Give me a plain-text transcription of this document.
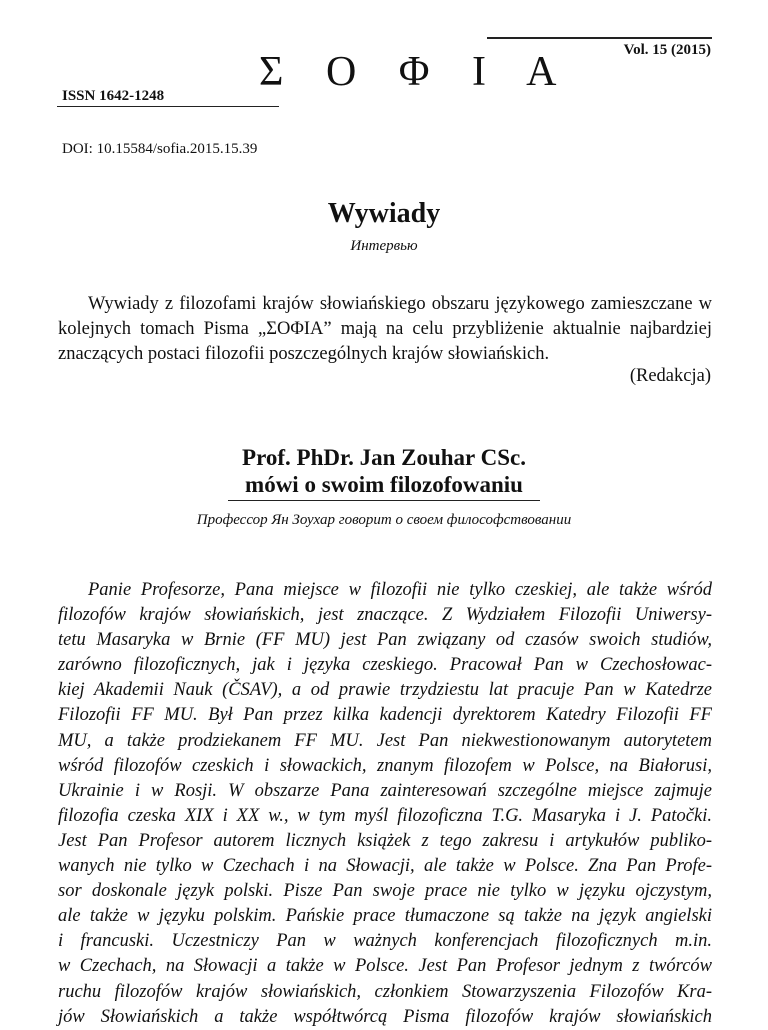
Vol. 15 (2015)
Σ Ο Φ Ι Α
ISSN 1642-1248
DOI: 10.15584/sofia.2015.15.39
Wywiady
Интервью

Wywiady z filozofami krajów słowiańskiego obszaru językowego zamieszczane w kolejnych tomach Pisma „ΣΟΦΙΑ” mają na celu przybliżenie aktualnie najbardziej znaczących postaci filozofii poszczególnych krajów słowiańskich.

(Redakcja)
Prof. PhDr. Jan Zouhar CSc.
mówi o swoim filozofowaniu
Профессор Ян Зоухар говорит о своем философствовании
Panie Profesorze, Pana miejsce w filozofii nie tylko czeskiej, ale także wśród
filozofów krajów słowiańskich, jest znaczące. Z Wydziałem Filozofii Uniwersy-
tetu Masaryka w Brnie (FF MU) jest Pan związany od czasów swoich studiów,
zarówno filozoficznych, jak i języka czeskiego. Pracował Pan w Czechosłowac-
kiej Akademii Nauk (ČSAV), a od prawie trzydziestu lat pracuje Pan w Katedrze
Filozofii FF MU. Był Pan przez kilka kadencji dyrektorem Katedry Filozofii FF
MU, a także prodziekanem FF MU. Jest Pan niekwestionowanym autorytetem
wśród filozofów czeskich i słowackich, znanym filozofem w Polsce, na Białorusi,
Ukrainie i w Rosji. W obszarze Pana zainteresowań szczególne miejsce zajmuje
filozofia czeska XIX i XX w., w tym myśl filozoficzna T.G. Masaryka i J. Patočki.
Jest Pan Profesor autorem licznych książek z tego zakresu i artykułów publiko-
wanych nie tylko w Czechach i na Słowacji, ale także w Polsce. Zna Pan Profe-
sor doskonale język polski. Pisze Pan swoje prace nie tylko w języku ojczystym,
ale także w języku polskim. Pańskie prace tłumaczone są także na język angielski
i francuski. Uczestniczy Pan w ważnych konferencjach filozoficznych m.in.
w Czechach, na Słowacji a także w Polsce. Jest Pan Profesor jednym z twórców
ruchu filozofów krajów słowiańskich, członkiem Stowarzyszenia Filozofów Kra-
jów Słowiańskich a także współtwórcą Pisma filozofów krajów słowiańskich
